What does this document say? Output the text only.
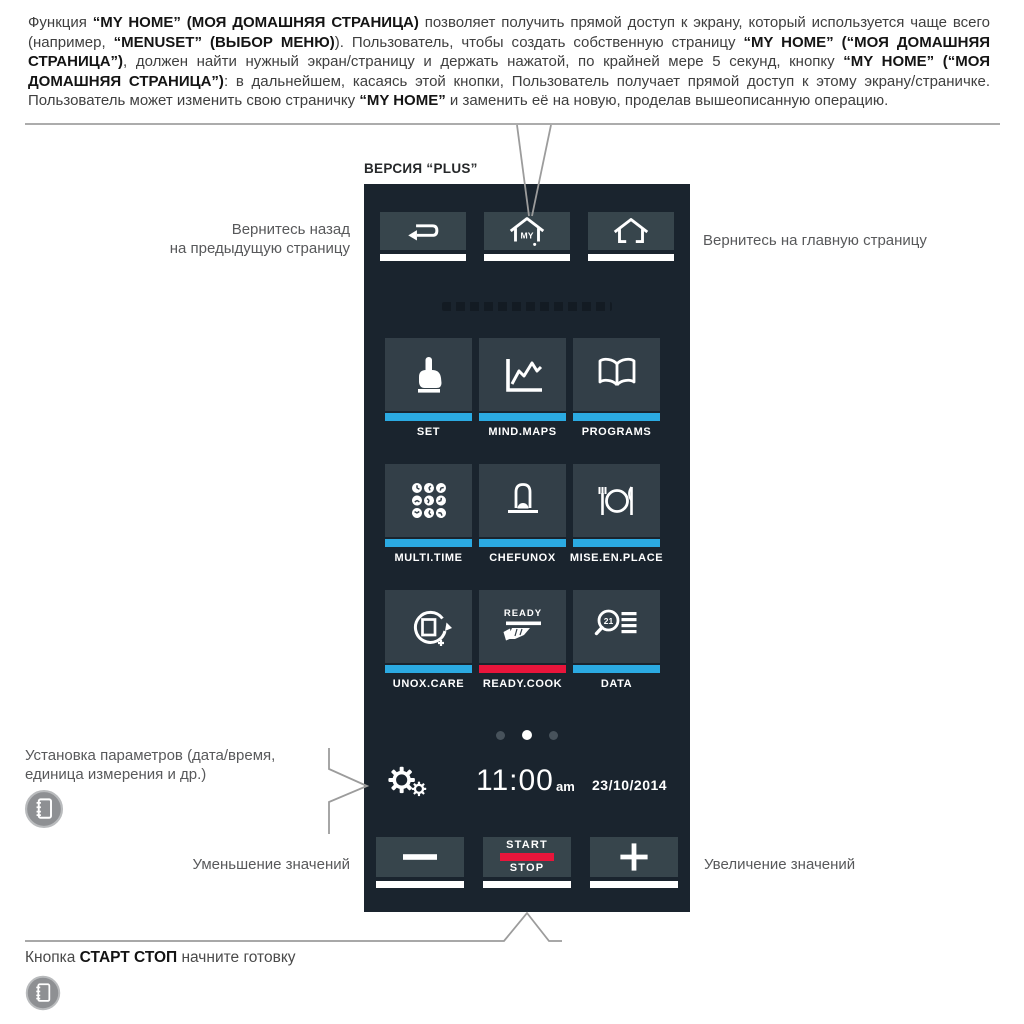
Функция “MY HOME” (МОЯ ДОМАШНЯЯ СТРАНИЦА) позволяет получить прямой доступ к экрану, который используется чаще всего (например, “MENUSET” (ВЫБОР МЕНЮ)). Пользователь, чтобы создать собственную страницу “MY HOME” (“МОЯ ДОМАШНЯЯ СТРАНИЦА”), должен найти нужный экран/страницу и держать нажатой, по крайней мере 5 секунд, кнопку “MY HOME” (“МОЯ ДОМАШНЯЯ СТРАНИЦА”): в дальнейшем, касаясь этой кнопки, Пользователь получает прямой доступ к этому экрану/страничке. Пользователь может изменить свою страничку “MY HOME” и заменить её на новую, проделав вышеописанную операцию.
ВЕРСИЯ “PLUS”
MY
SET	MIND.MAPS	PROGRAMS
MULTI.TIME	CHEFUNOX	MISE.EN.PLACE
UNOX.CARE
READY
READY.COOK
21
DATA
11:00 am 23/10/2014
START
STOP
Вернитесь назад
на предыдущую страницу	Вернитесь на главную страницу
Установка параметров (дата/время,
единица измерения и др.)
Уменьшение значений	Увеличение значений
Кнопка СТАРТ СТОП начните готовку
